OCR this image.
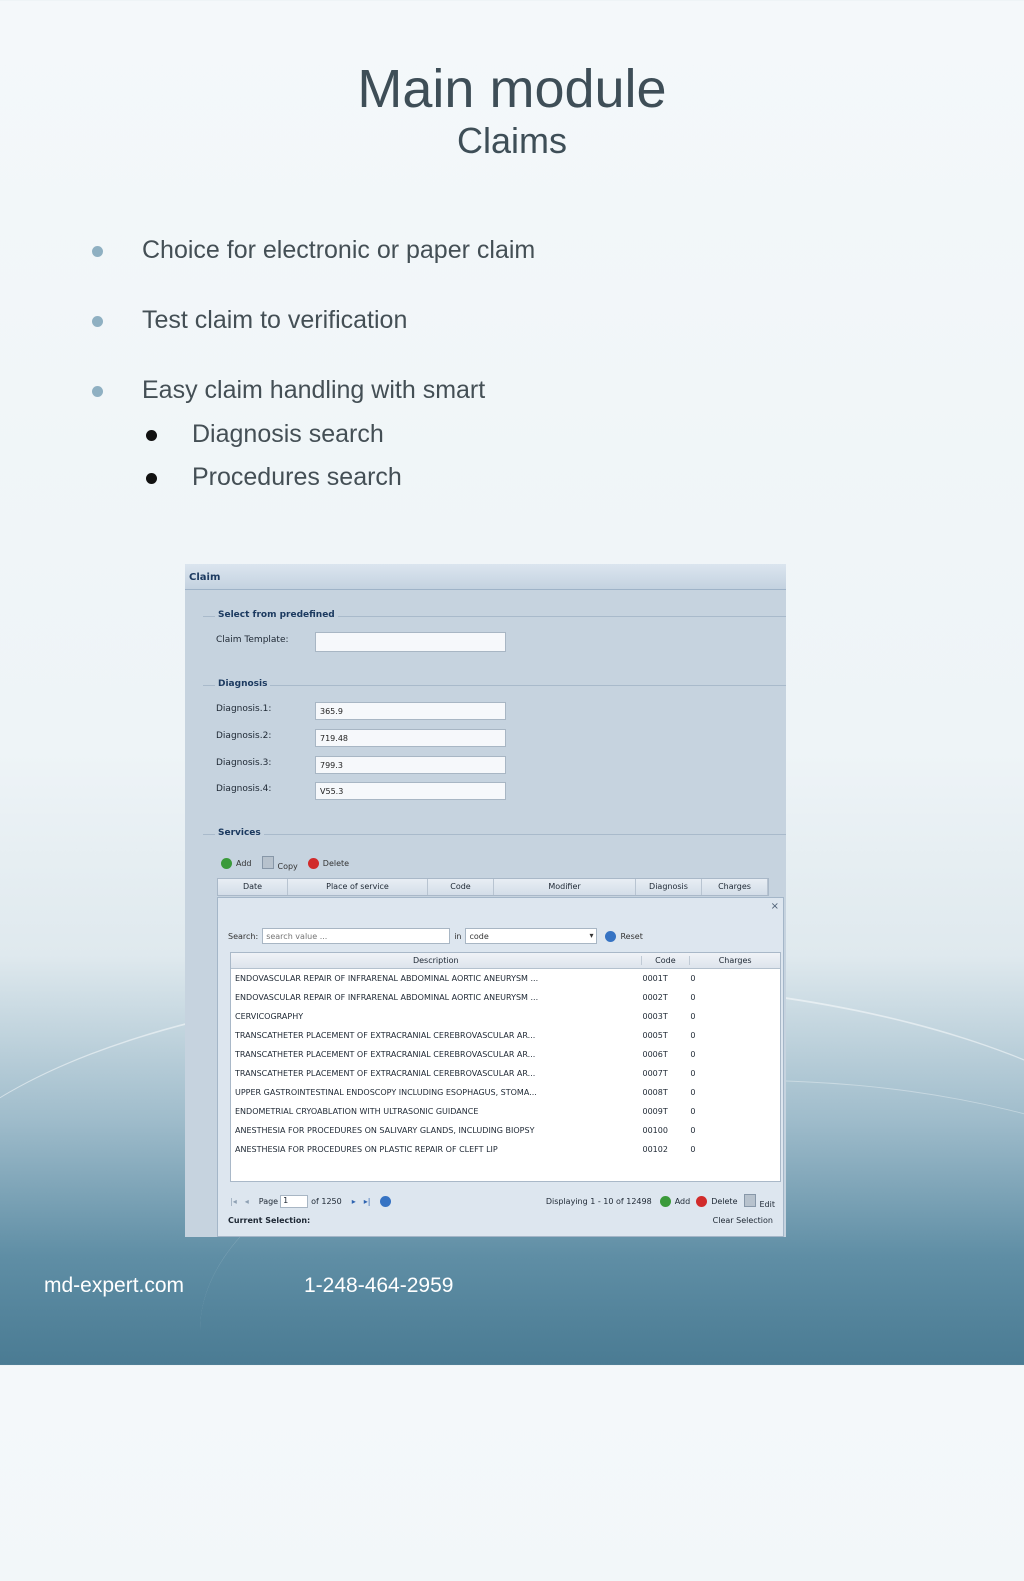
Main module
Claims
Choice for electronic or paper claim
Test claim to verification
Easy claim handling with smart
Diagnosis search
Procedures search
Claim
Select from predefined
Claim Template:
Diagnosis
Diagnosis.1:	365.9
Diagnosis.2:	719.48
Diagnosis.3:	799.3
Diagnosis.4:	V55.3
Services
Add	Copy	Delete
Date	Place of service	Code	Modifier	Diagnosis	Charges
×
Search:
search value ...	in	code	▾	Reset
Description	Code	Charges
ENDOVASCULAR REPAIR OF INFRARENAL ABDOMINAL AORTIC ANEURYSM ...	0001T	0
ENDOVASCULAR REPAIR OF INFRARENAL ABDOMINAL AORTIC ANEURYSM ...	0002T	0
CERVICOGRAPHY	0003T	0
TRANSCATHETER PLACEMENT OF EXTRACRANIAL CEREBROVASCULAR AR...	0005T	0
TRANSCATHETER PLACEMENT OF EXTRACRANIAL CEREBROVASCULAR AR...	0006T	0
TRANSCATHETER PLACEMENT OF EXTRACRANIAL CEREBROVASCULAR AR...	0007T	0
UPPER GASTROINTESTINAL ENDOSCOPY INCLUDING ESOPHAGUS, STOMA...	0008T	0
ENDOMETRIAL CRYOABLATION WITH ULTRASONIC GUIDANCE	0009T	0
ANESTHESIA FOR PROCEDURES ON SALIVARY GLANDS, INCLUDING BIOPSY	00100	0
ANESTHESIA FOR PROCEDURES ON PLASTIC REPAIR OF CLEFT LIP	00102	0
|◂ ◂ Page 1	of 1250 ▸ ▸|	Displaying 1 - 10 of 12498	Add	Delete	Edit
Current Selection:	Clear Selection
md-expert.com	1-248-464-2959
